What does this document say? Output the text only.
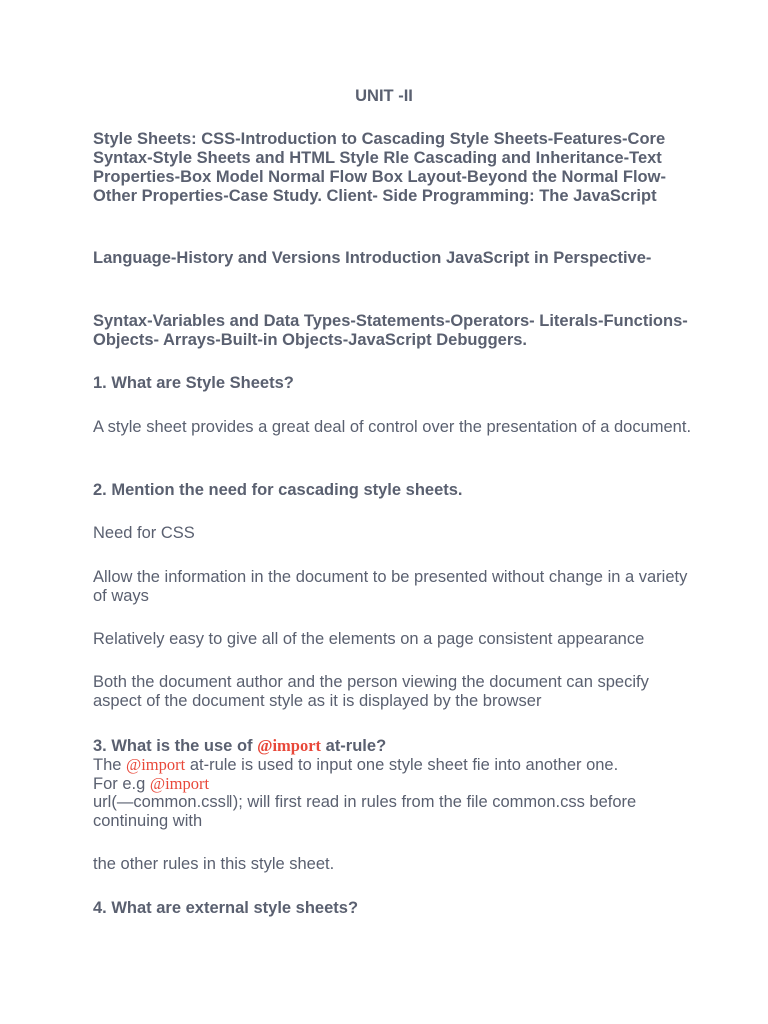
UNIT -II

Style Sheets: CSS-Introduction to Cascading Style Sheets-Features-Core Syntax-Style Sheets and HTML Style Rle Cascading and Inheritance-Text Properties-Box Model Normal Flow Box Layout-Beyond the Normal Flow-Other Properties-Case Study. Client- Side Programming: The JavaScript

Language-History and Versions Introduction JavaScript in Perspective-

Syntax-Variables and Data Types-Statements-Operators- Literals-Functions-Objects- Arrays-Built-in Objects-JavaScript Debuggers.

1. What are Style Sheets?

A style sheet provides a great deal of control over the presentation of a document.

2. Mention the need for cascading style sheets.

Need for CSS

Allow the information in the document to be presented without change in a variety of ways

Relatively easy to give all of the elements on a page consistent appearance

Both the document author and the person viewing the document can specify aspect of the document style as it is displayed by the browser

3. What is the use of @import at-rule?

The @import at-rule is used to input one style sheet fie into another one.

For e.g @import

url(—common.css‖); will first read in rules from the file common.css before continuing with

the other rules in this style sheet.

4. What are external style sheets?
